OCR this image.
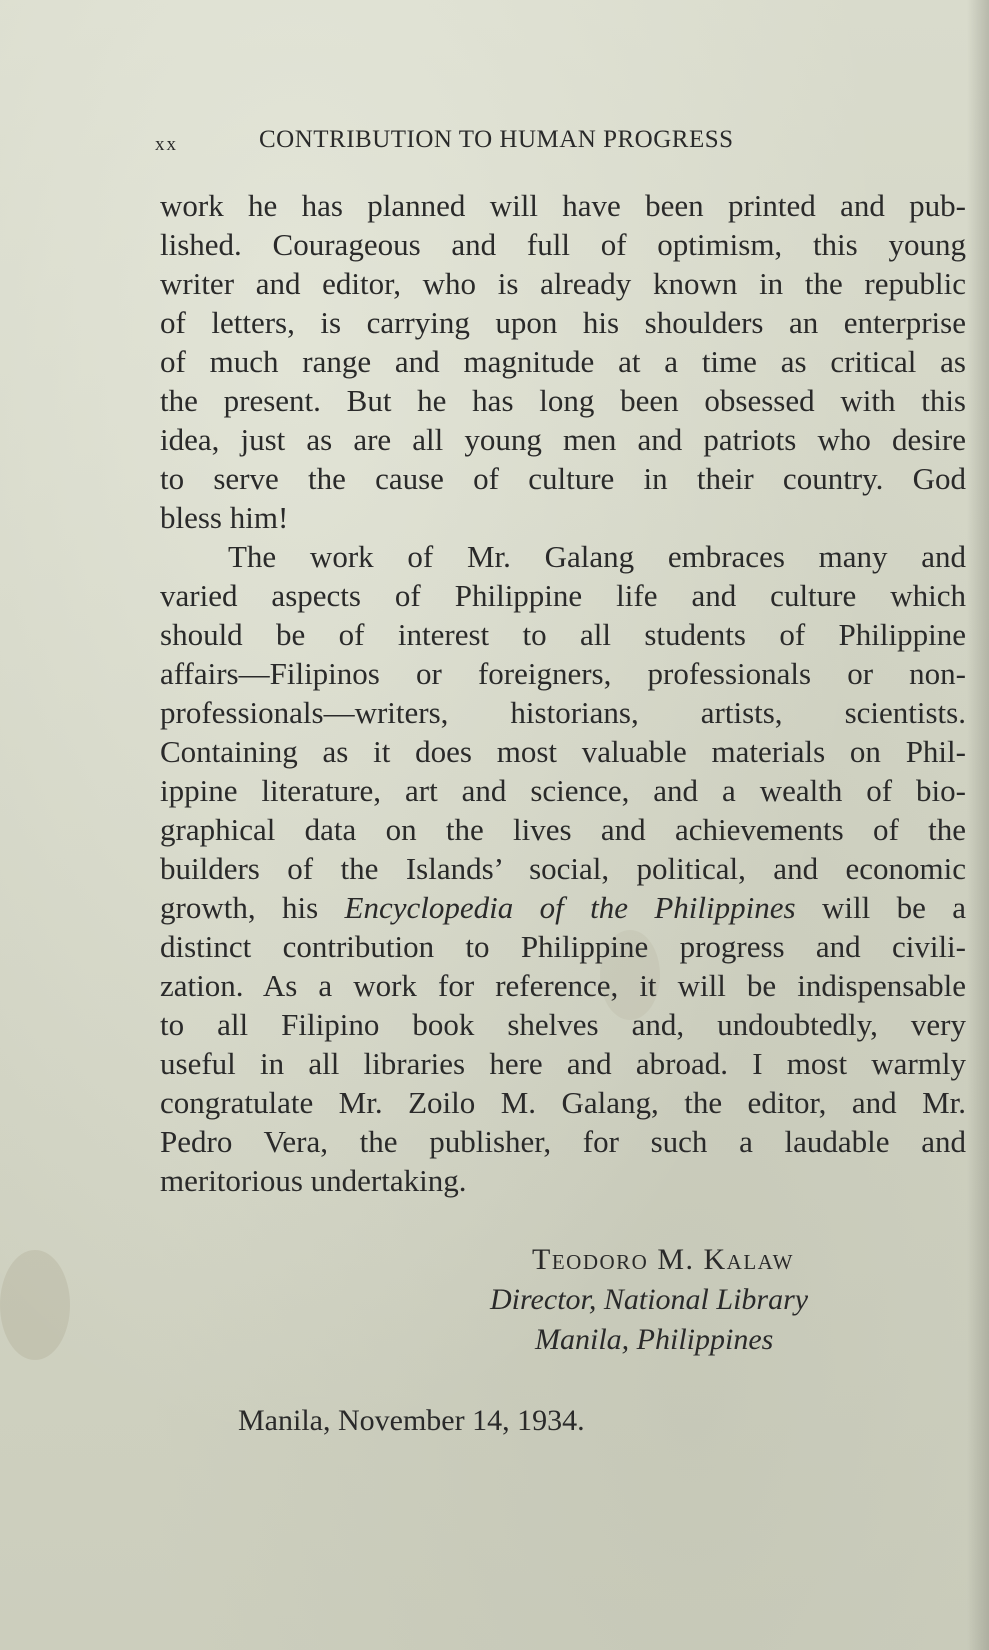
xx	CONTRIBUTION TO HUMAN PROGRESS
work he has planned will have been printed and pub-
lished. Courageous and full of optimism, this young
writer and editor, who is already known in the republic
of letters, is carrying upon his shoulders an enterprise
of much range and magnitude at a time as critical as
the present. But he has long been obsessed with this
idea, just as are all young men and patriots who desire
to serve the cause of culture in their country. God
bless him!
The work of Mr. Galang embraces many and
varied aspects of Philippine life and culture which
should be of interest to all students of Philippine
affairs—Filipinos or foreigners, professionals or non-
professionals—writers, historians, artists, scientists.
Containing as it does most valuable materials on Phil-
ippine literature, art and science, and a wealth of bio-
graphical data on the lives and achievements of the
builders of the Islands’ social, political, and economic
growth, his Encyclopedia of the Philippines will be a
distinct contribution to Philippine progress and civili-
zation. As a work for reference, it will be indispensable
to all Filipino book shelves and, undoubtedly, very
useful in all libraries here and abroad. I most warmly
congratulate Mr. Zoilo M. Galang, the editor, and Mr.
Pedro Vera, the publisher, for such a laudable and
meritorious undertaking.
Teodoro M. Kalaw
Director, National Library
Manila, Philippines
Manila, November 14, 1934.
